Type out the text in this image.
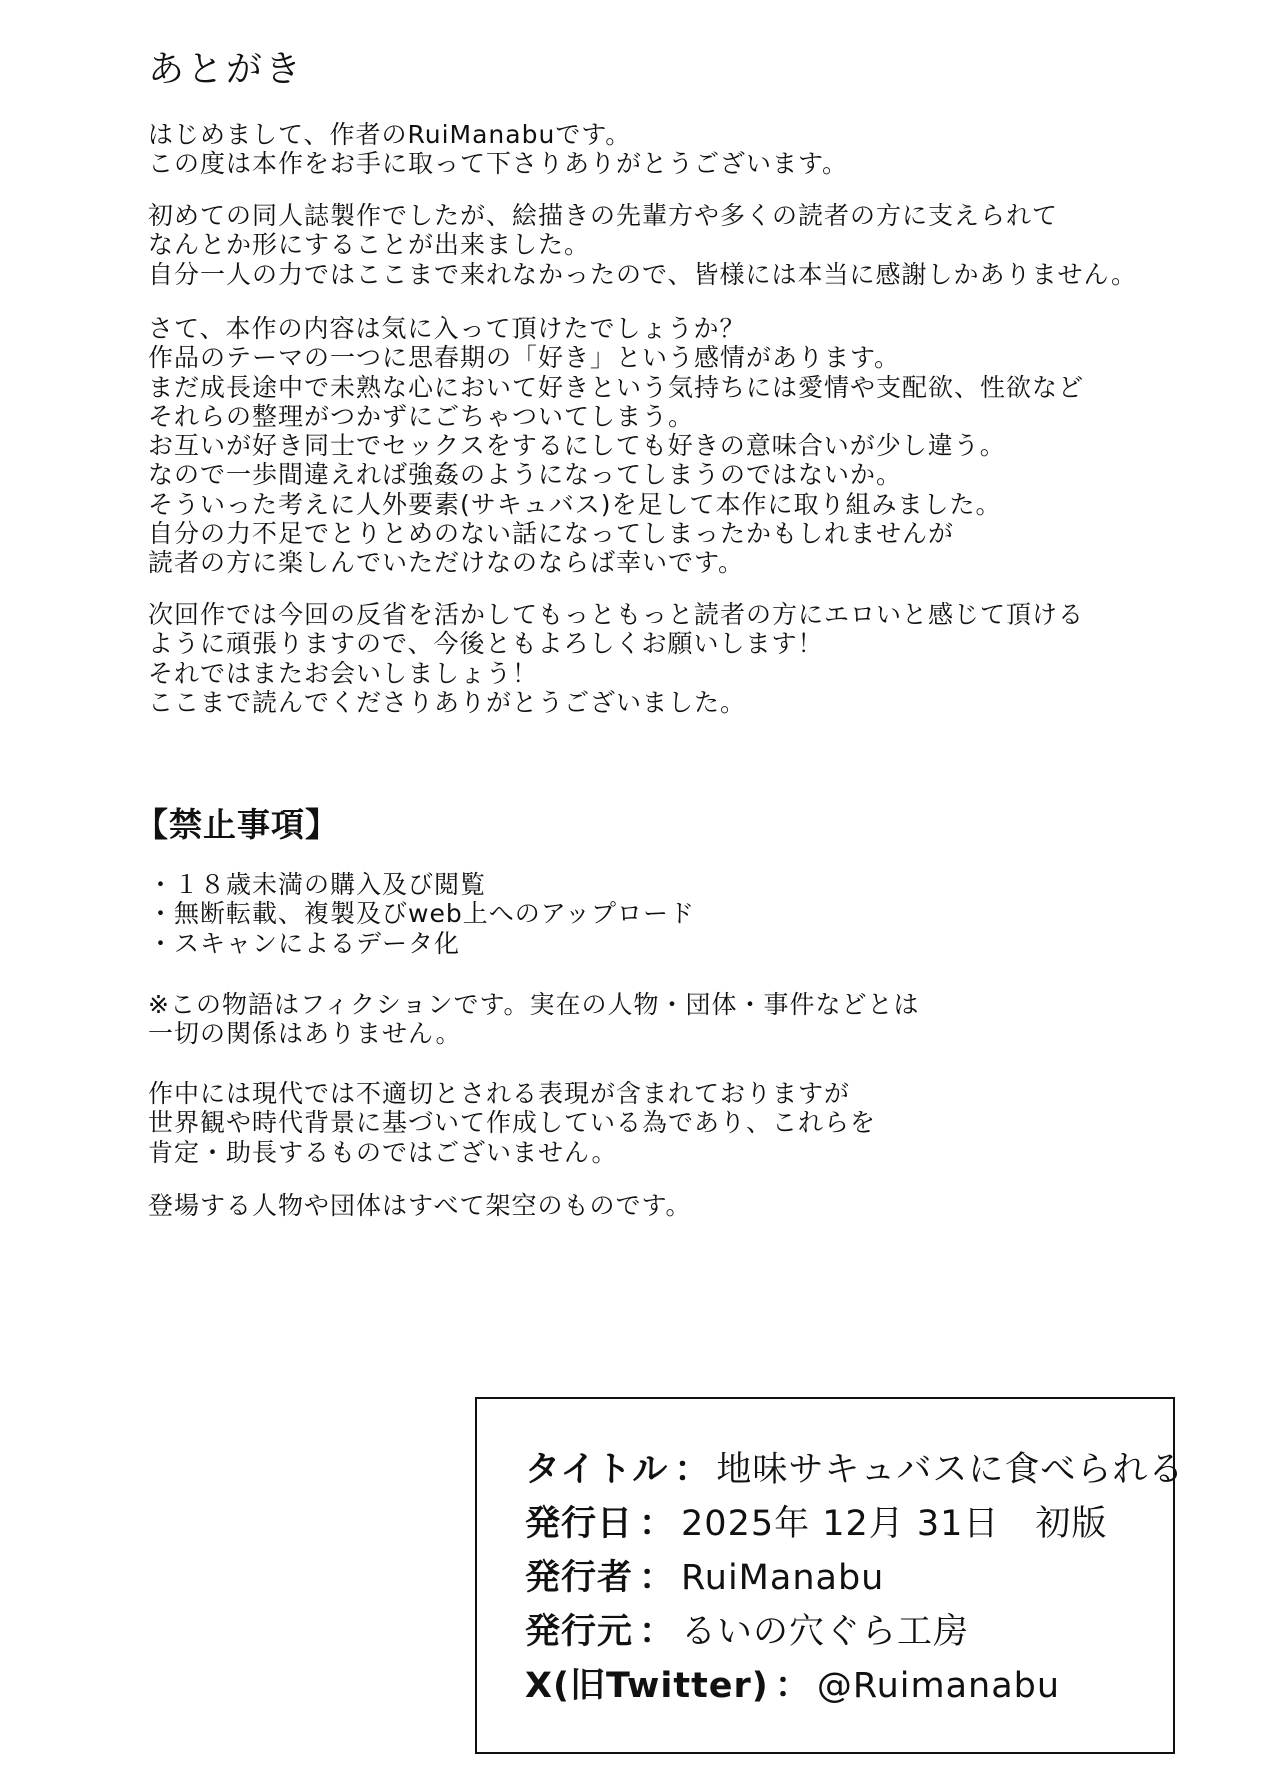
あとがき
はじめまして、作者のRuiManabuです。
この度は本作をお手に取って下さりありがとうございます。
初めての同人誌製作でしたが、絵描きの先輩方や多くの読者の方に支えられて
なんとか形にすることが出来ました。
自分一人の力ではここまで来れなかったので、皆様には本当に感謝しかありません。
さて、本作の内容は気に入って頂けたでしょうか？
作品のテーマの一つに思春期の「好き」という感情があります。
まだ成長途中で未熟な心において好きという気持ちには愛情や支配欲、性欲など
それらの整理がつかずにごちゃついてしまう。
お互いが好き同士でセックスをするにしても好きの意味合いが少し違う。
なので一歩間違えれば強姦のようになってしまうのではないか。
そういった考えに人外要素(サキュバス)を足して本作に取り組みました。
自分の力不足でとりとめのない話になってしまったかもしれませんが
読者の方に楽しんでいただけなのならば幸いです。
次回作では今回の反省を活かしてもっともっと読者の方にエロいと感じて頂ける
ように頑張りますので、今後ともよろしくお願いします！
それではまたお会いしましょう！
ここまで読んでくださりありがとうございました。
【禁止事項】
・１８歳未満の購入及び閲覧
・無断転載、複製及びweb上へのアップロード
・スキャンによるデータ化
※この物語はフィクションです。実在の人物・団体・事件などとは
一切の関係はありません。
作中には現代では不適切とされる表現が含まれておりますが
世界観や時代背景に基づいて作成している為であり、これらを
肯定・助長するものではございません。
登場する人物や団体はすべて架空のものです。
タイトル ： 地味サキュバスに食べられる
発行日 ： 2025年 12月 31日　初版
発行者 ： RuiManabu
発行元 ： るいの穴ぐら工房
X(旧Twitter) ： @Ruimanabu
